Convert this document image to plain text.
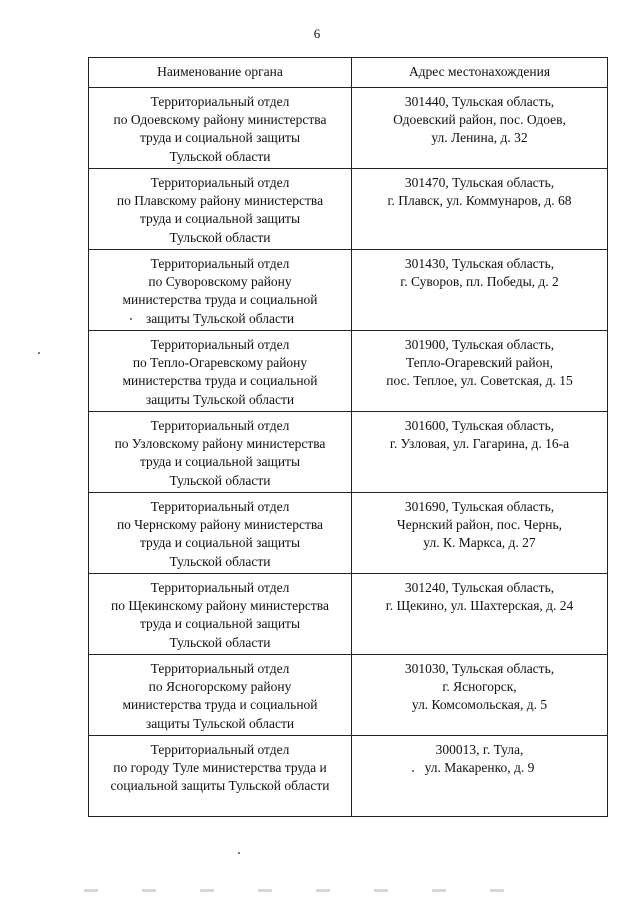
6
Наименование органа	Адрес местонахождения

Территориальный отдел
по Одоевскому району министерства
труда и социальной защиты
Тульской области	301440, Тульская область,
Одоевский район, пос. Одоев,
ул. Ленина, д. 32

Территориальный отдел
по Плавскому району министерства
труда и социальной защиты
Тульской области	301470, Тульская область,
г. Плавск, ул. Коммунаров, д. 68

Территориальный отдел
по Суворовскому району
министерства труда и социальной
защиты Тульской области	301430, Тульская область,
г. Суворов, пл. Победы, д. 2

Территориальный отдел
по Тепло-Огаревскому району
министерства труда и социальной
защиты Тульской области	301900, Тульская область,
Тепло-Огаревский район,
пос. Теплое, ул. Советская, д. 15

Территориальный отдел
по Узловскому району министерства
труда и социальной защиты
Тульской области	301600, Тульская область,
г. Узловая, ул. Гагарина, д. 16-а

Территориальный отдел
по Чернскому району министерства
труда и социальной защиты
Тульской области	301690, Тульская область,
Чернский район, пос. Чернь,
ул. К. Маркса, д. 27

Территориальный отдел
по Щекинскому району министерства
труда и социальной защиты
Тульской области	301240, Тульская область,
г. Щекино, ул. Шахтерская, д. 24

Территориальный отдел
по Ясногорскому району
министерства труда и социальной
защиты Тульской области	301030, Тульская область,
г. Ясногорск,
ул. Комсомольская, д. 5

Территориальный отдел
по городу Туле министерства труда и
социальной защиты Тульской области	300013, г. Тула,
ул. Макаренко, д. 9
